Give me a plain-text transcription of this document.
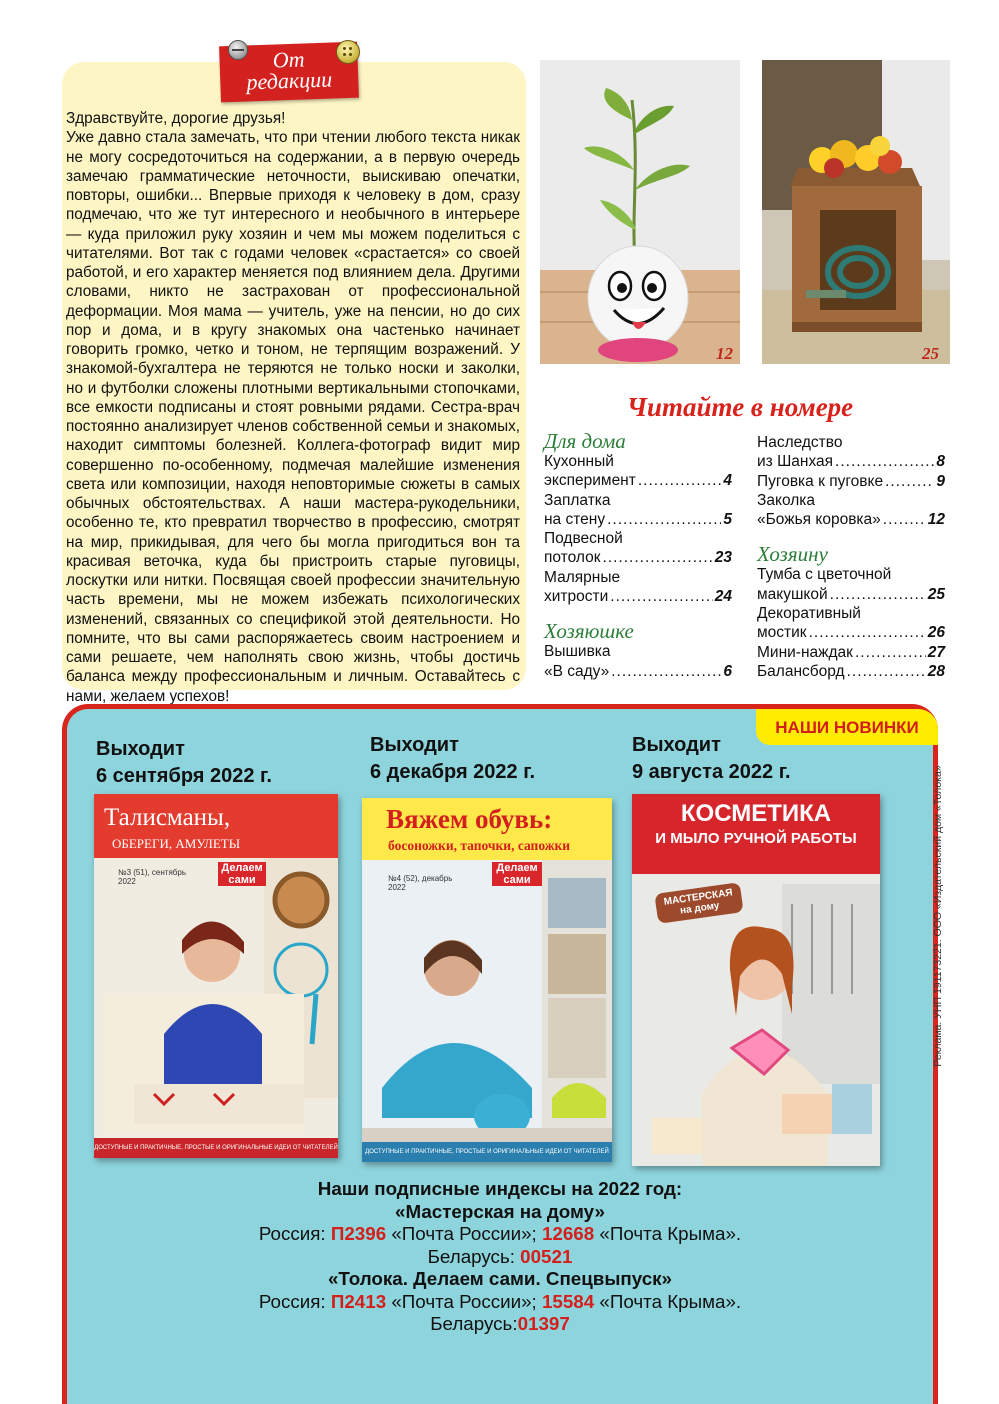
От
редакции

Здравствуйте, дорогие друзья!

Уже давно стала замечать, что при чтении любого текста никак не могу сосредоточиться на содержании, а в первую очередь замечаю грамматические неточности, выискиваю опечатки, повторы, ошибки... Впервые приходя к человеку в дом, сразу подмечаю, что же тут интересного и необычного в интерьере — куда приложил руку хозяин и чем мы можем поделиться с читателями. Вот так с годами человек «срастается» со своей работой, и его характер меняется под влиянием дела. Другими словами, никто не застрахован от профессиональной деформации. Моя мама — учитель, уже на пенсии, но до сих пор и дома, и в кругу знакомых она частенько начинает говорить громко, четко и тоном, не терпящим возражений. У знакомой-бухгалтера не теряются не только носки и заколки, но и футболки сложены плотными вертикальными стопочками, все емкости подписаны и стоят ровными рядами. Сестра-врач постоянно анализирует членов собственной семьи и знакомых, находит симптомы болезней. Коллега-фотограф видит мир совершенно по-особенному, подмечая малейшие изменения света или композиции, находя неповторимые сюжеты в самых обычных обстоятельствах. А наши мастера-рукодельники, особенно те, кто превратил творчество в профессию, смотрят на мир, прикидывая, для чего бы могла пригодиться вон та красивая веточка, куда бы пристроить старые пуговицы, лоскутки или нитки. Посвящая своей профессии значительную часть времени, мы не можем избежать психологических изменений, связанных со спецификой этой деятельности. Но помните, что вы сами распоряжаетесь своим настроением и сами решаете, чем наполнять свою жизнь, чтобы достичь баланса между профессиональным и личным. Оставайтесь с нами, желаем успехов!

12	25
Читайте в номере
Для дома
Кухонный
эксперимент .....	4
Заплатка
на стену .....	5
Подвесной
потолок .....	23
Малярные
хитрости .....	24
Хозяюшке
Вышивка
«В саду» .....	6
Наследство
из Шанхая .....	8
Пуговка к пуговке .....	9
Заколка
«Божья коровка» .....	12
Хозяину
Тумба с цветочной
макушкой .....	25
Декоративный
мостик .....	26
Мини-наждак .....	27
Балансборд .....	28
НАШИ НОВИНКИ
Выходит
6 сентября 2022 г.
Выходит
6 декабря 2022 г.
Выходит
9 августа 2022 г.
Талисманы,
ОБЕРЕГИ, АМУЛЕТЫ
Делаем сами
№3 (51), сентябрь 2022
ДОСТУПНЫЕ И ПРАКТИЧНЫЕ, ПРОСТЫЕ И ОРИГИНАЛЬНЫЕ ИДЕИ ОТ ЧИТАТЕЛЕЙ
Вяжем обувь:
босоножки, тапочки, сапожки
Делаем сами
№4 (52), декабрь 2022
ДОСТУПНЫЕ И ПРАКТИЧНЫЕ, ПРОСТЫЕ И ОРИГИНАЛЬНЫЕ ИДЕИ ОТ ЧИТАТЕЛЕЙ
КОСМЕТИКА
И МЫЛО РУЧНОЙ РАБОТЫ
МАСТЕРСКАЯ на дому	Реклама. УНП 191173221. ООО «Издательский дом «Толока»
Наши подписные индексы на 2022 год:
«Мастерская на дому»
Россия: П2396 «Почта России»; 12668 «Почта Крыма».
Беларусь: 00521
«Толока. Делаем сами. Спецвыпуск»
Россия: П2413 «Почта России»; 15584 «Почта Крыма».
Беларусь:01397
